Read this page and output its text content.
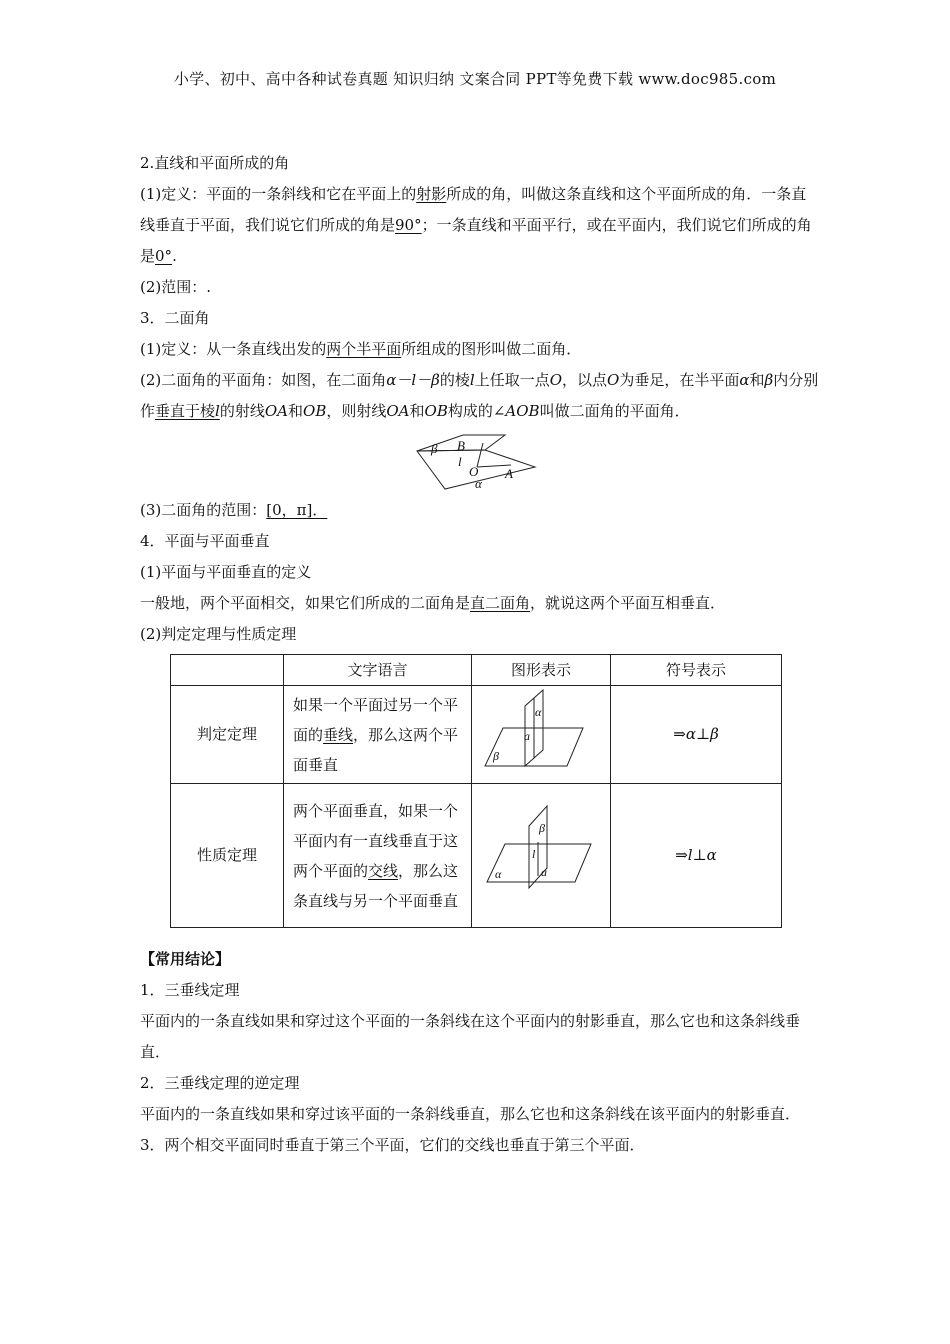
小学、初中、高中各种试卷真题 知识归纳 文案合同 PPT等免费下载 www.doc985.com

2.直线和平面所成的角

(1)定义：平面的一条斜线和它在平面上的射影所成的角，叫做这条直线和这个平面所成的角．一条直线垂直于平面，我们说它们所成的角是90°；一条直线和平面平行，或在平面内，我们说它们所成的角是0°.

(2)范围：.

3．二面角

(1)定义：从一条直线出发的两个半平面所组成的图形叫做二面角．

(2)二面角的平面角：如图，在二面角α－l－β的棱l上任取一点O，以点O为垂足，在半平面α和β内分别作垂直于棱l的射线OA和OB，则射线OA和OB构成的∠AOB叫做二面角的平面角．

β B
l
O A
α

(3)二面角的范围：[0，π]．

4．平面与平面垂直

(1)平面与平面垂直的定义

一般地，两个平面相交，如果它们所成的二面角是直二面角，就说这两个平面互相垂直．

(2)判定定理与性质定理

	文字语言	图形表示	符号表示
判定定理	如果一个平面过另一个平面的垂线，那么这两个平面垂直	α
a
β	⇒α⊥β
性质定理	两个平面垂直，如果一个平面内有一直线垂直于这两个平面的交线，那么这条直线与另一个平面垂直	β
l
α a	⇒l⊥α

【常用结论】

1．三垂线定理

平面内的一条直线如果和穿过这个平面的一条斜线在这个平面内的射影垂直，那么它也和这条斜线垂直．

2．三垂线定理的逆定理

平面内的一条直线如果和穿过该平面的一条斜线垂直，那么它也和这条斜线在该平面内的射影垂直．

3．两个相交平面同时垂直于第三个平面，它们的交线也垂直于第三个平面．
